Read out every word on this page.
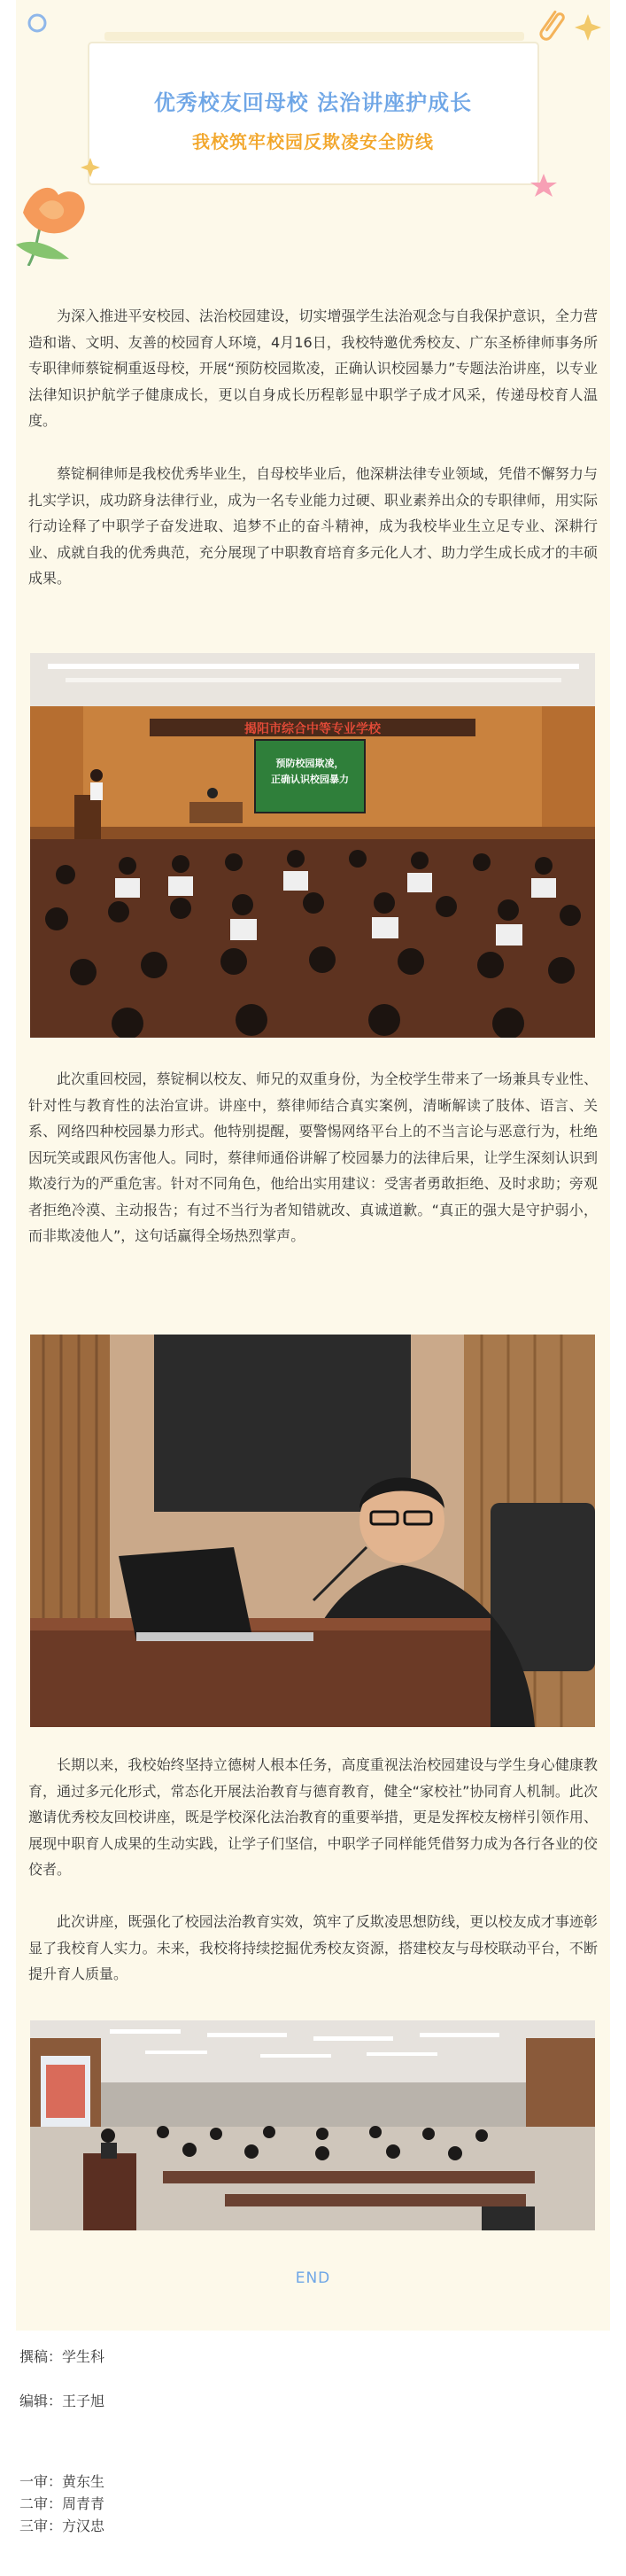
优秀校友回母校 法治讲座护成长
我校筑牢校园反欺凌安全防线

为深入推进平安校园、法治校园建设，切实增强学生法治观念与自我保护意识，全力营造和谐、文明、友善的校园育人环境，4月16日，我校特邀优秀校友、广东圣桥律师事务所专职律师蔡锭桐重返母校，开展“预防校园欺凌，正确认识校园暴力”专题法治讲座，以专业法律知识护航学子健康成长，更以自身成长历程彰显中职学子成才风采，传递母校育人温度。

蔡锭桐律师是我校优秀毕业生，自母校毕业后，他深耕法律专业领域，凭借不懈努力与扎实学识，成功跻身法律行业，成为一名专业能力过硬、职业素养出众的专职律师，用实际行动诠释了中职学子奋发进取、追梦不止的奋斗精神，成为我校毕业生立足专业、深耕行业、成就自我的优秀典范，充分展现了中职教育培育多元化人才、助力学生成长成才的丰硕成果。

揭阳市综合中等专业学校
预防校园欺凌，
正确认识校园暴力

此次重回校园，蔡锭桐以校友、师兄的双重身份，为全校学生带来了一场兼具专业性、针对性与教育性的法治宣讲。讲座中，蔡律师结合真实案例，清晰解读了肢体、语言、关系、网络四种校园暴力形式。他特别提醒，要警惕网络平台上的不当言论与恶意行为，杜绝因玩笑或跟风伤害他人。同时，蔡律师通俗讲解了校园暴力的法律后果，让学生深刻认识到欺凌行为的严重危害。针对不同角色，他给出实用建议：受害者勇敢拒绝、及时求助；旁观者拒绝冷漠、主动报告；有过不当行为者知错就改、真诚道歉。“真正的强大是守护弱小，而非欺凌他人”，这句话赢得全场热烈掌声。

长期以来，我校始终坚持立德树人根本任务，高度重视法治校园建设与学生身心健康教育，通过多元化形式，常态化开展法治教育与德育教育，健全“家校社”协同育人机制。此次邀请优秀校友回校讲座，既是学校深化法治教育的重要举措，更是发挥校友榜样引领作用、展现中职育人成果的生动实践，让学子们坚信，中职学子同样能凭借努力成为各行各业的佼佼者。

此次讲座，既强化了校园法治教育实效，筑牢了反欺凌思想防线，更以校友成才事迹彰显了我校育人实力。未来，我校将持续挖掘优秀校友资源，搭建校友与母校联动平台，不断提升育人质量。

END
撰稿：学生科
编辑：王子旭
一审：黄东生
二审：周青青
三审：方汉忠
